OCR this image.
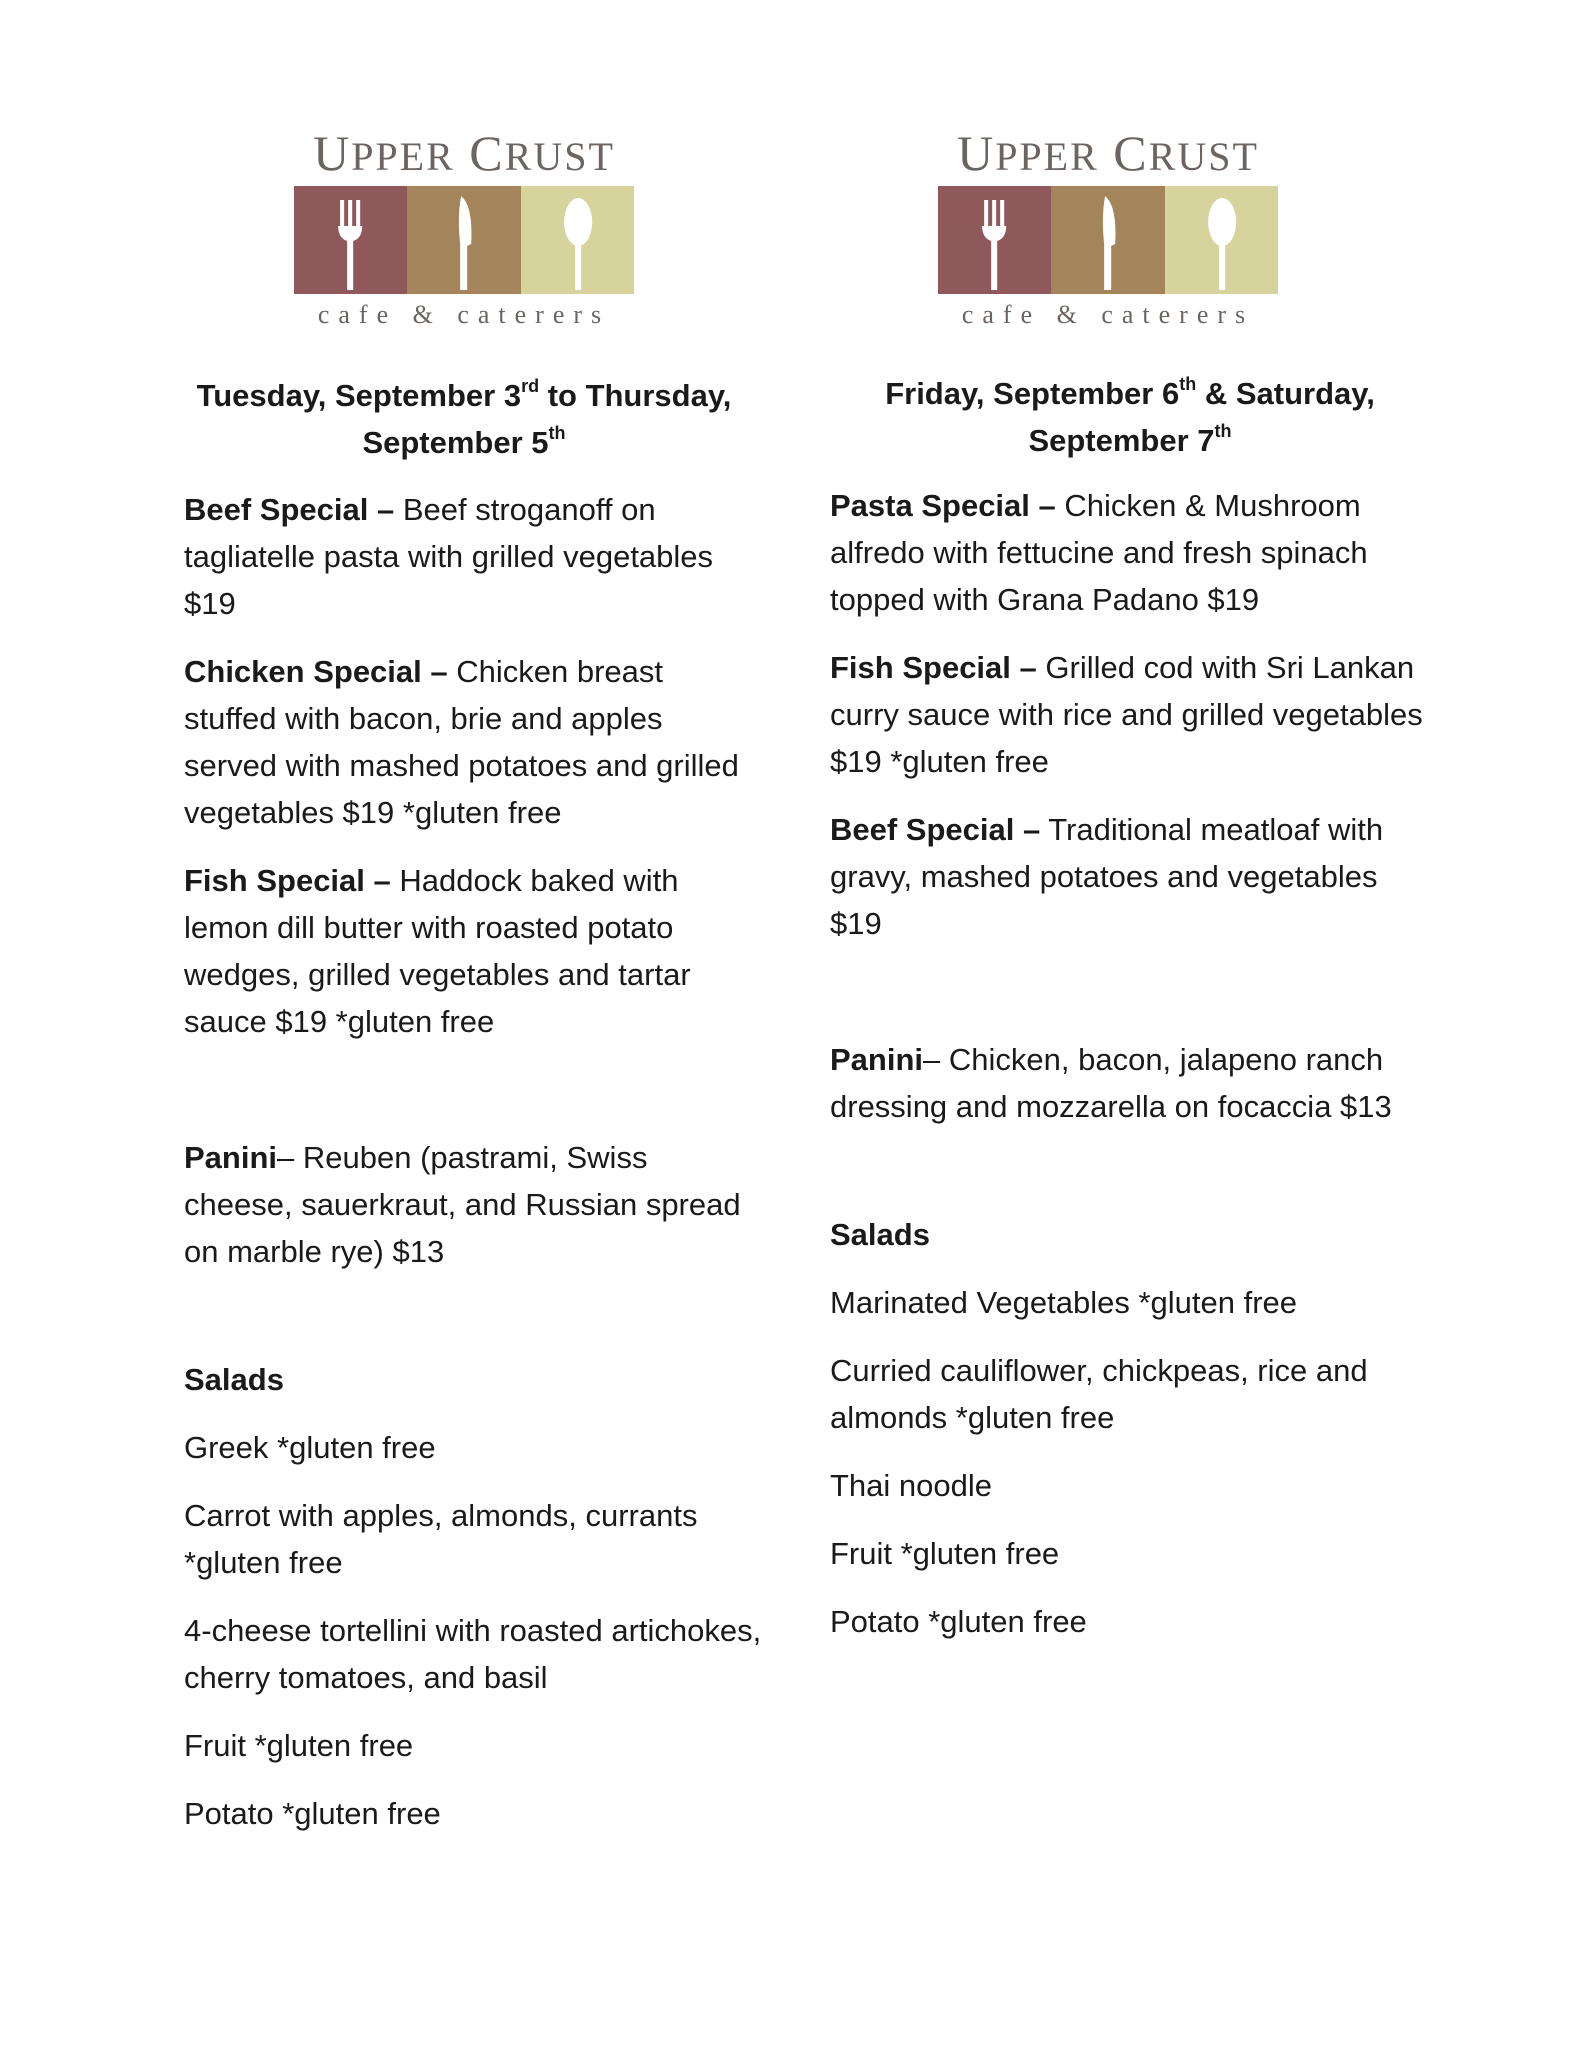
UPPER CRUST
cafe & caterers
Tuesday, September 3rd to Thursday,
September 5th

Beef Special – Beef stroganoff on tagliatelle pasta with grilled vegetables $19

Chicken Special – Chicken breast stuffed with bacon, brie and apples served with mashed potatoes and grilled vegetables $19 *gluten free

Fish Special – Haddock baked with lemon dill butter with roasted potato wedges, grilled vegetables and tartar sauce $19 *gluten free

Panini– Reuben (pastrami, Swiss cheese, sauerkraut, and Russian spread on marble rye) $13

Salads

Greek *gluten free

Carrot with apples, almonds, currants *gluten free

4-cheese tortellini with roasted artichokes, cherry tomatoes, and basil

Fruit *gluten free

Potato *gluten free

UPPER CRUST
cafe & caterers
Friday, September 6th & Saturday,
September 7th

Pasta Special – Chicken & Mushroom alfredo with fettucine and fresh spinach topped with Grana Padano $19

Fish Special – Grilled cod with Sri Lankan curry sauce with rice and grilled vegetables $19 *gluten free

Beef Special – Traditional meatloaf with gravy, mashed potatoes and vegetables $19

Panini– Chicken, bacon, jalapeno ranch dressing and mozzarella on focaccia $13

Salads

Marinated Vegetables *gluten free

Curried cauliflower, chickpeas, rice and almonds *gluten free

Thai noodle

Fruit *gluten free

Potato *gluten free
